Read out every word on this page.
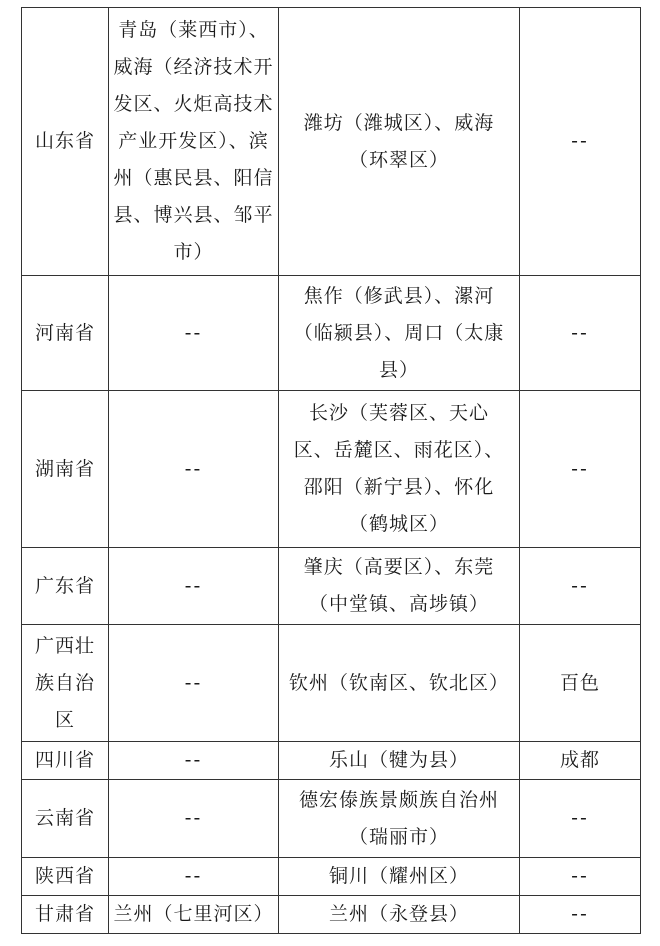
山东省	青岛（莱西市）、威海（经济技术开发区、火炬高技术产业开发区）、滨州（惠民县、阳信县、博兴县、邹平市）	潍坊（潍城区）、威海（环翠区）	--
河南省	--	焦作（修武县）、漯河（临颍县）、周口（太康县）	--
湖南省	--	长沙（芙蓉区、天心区、岳麓区、雨花区）、邵阳（新宁县）、怀化（鹤城区）	--
广东省	--	肇庆（高要区）、东莞（中堂镇、高埗镇）	--
广西壮族自治区	--	钦州（钦南区、钦北区）	百色
四川省	--	乐山（犍为县）	成都
云南省	--	德宏傣族景颇族自治州（瑞丽市）	--
陕西省	--	铜川（耀州区）	--
甘肃省	兰州（七里河区）	兰州（永登县）	--
